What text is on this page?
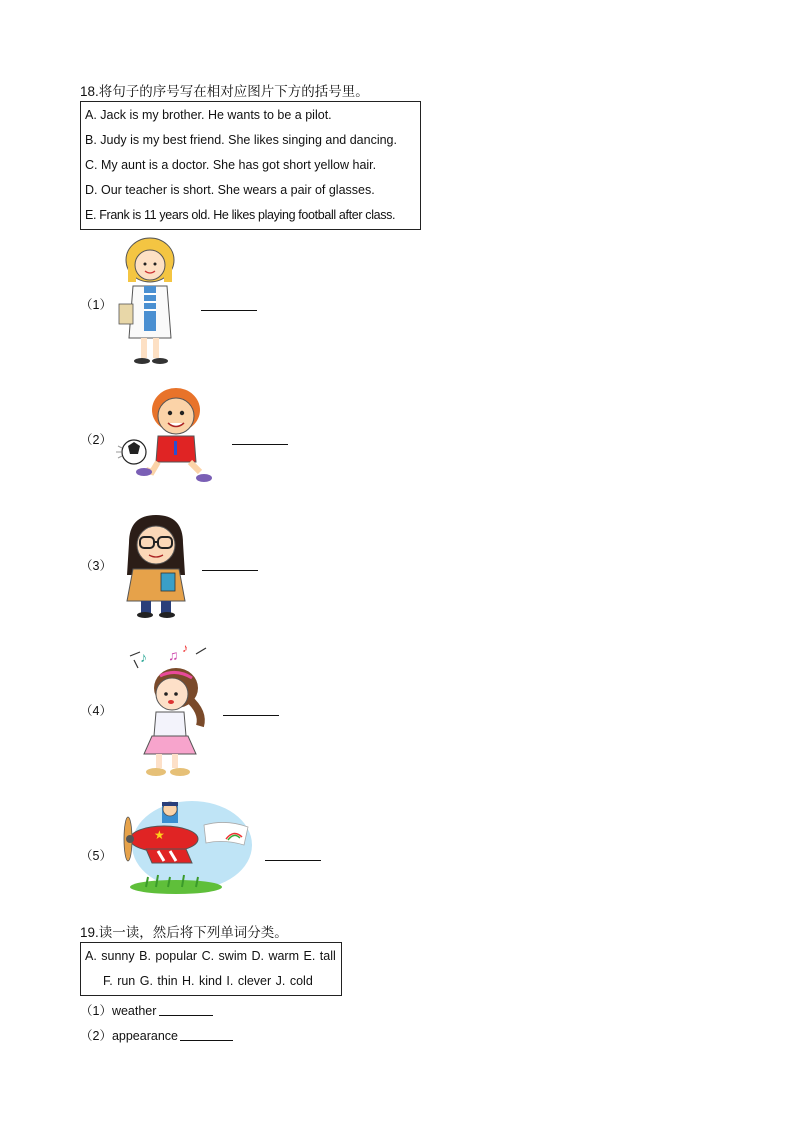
18.将句子的序号写在相对应图片下方的括号里。
A. Jack is my brother. He wants to be a pilot.
B. Judy is my best friend. She likes singing and dancing.
C. My aunt is a doctor. She has got short yellow hair.
D. Our teacher is short. She wears a pair of glasses.
E. Frank is 11 years old. He likes playing football after class.
（1）
（2）
（3）
（4）
♪ ♫ ♪
（5）
★
19.读一读，然后将下列单词分类。
A. sunny B. popular C. swim D. warm E. tall
F. run G. thin H. kind I. clever J. cold
（1）weather
（2）appearance
